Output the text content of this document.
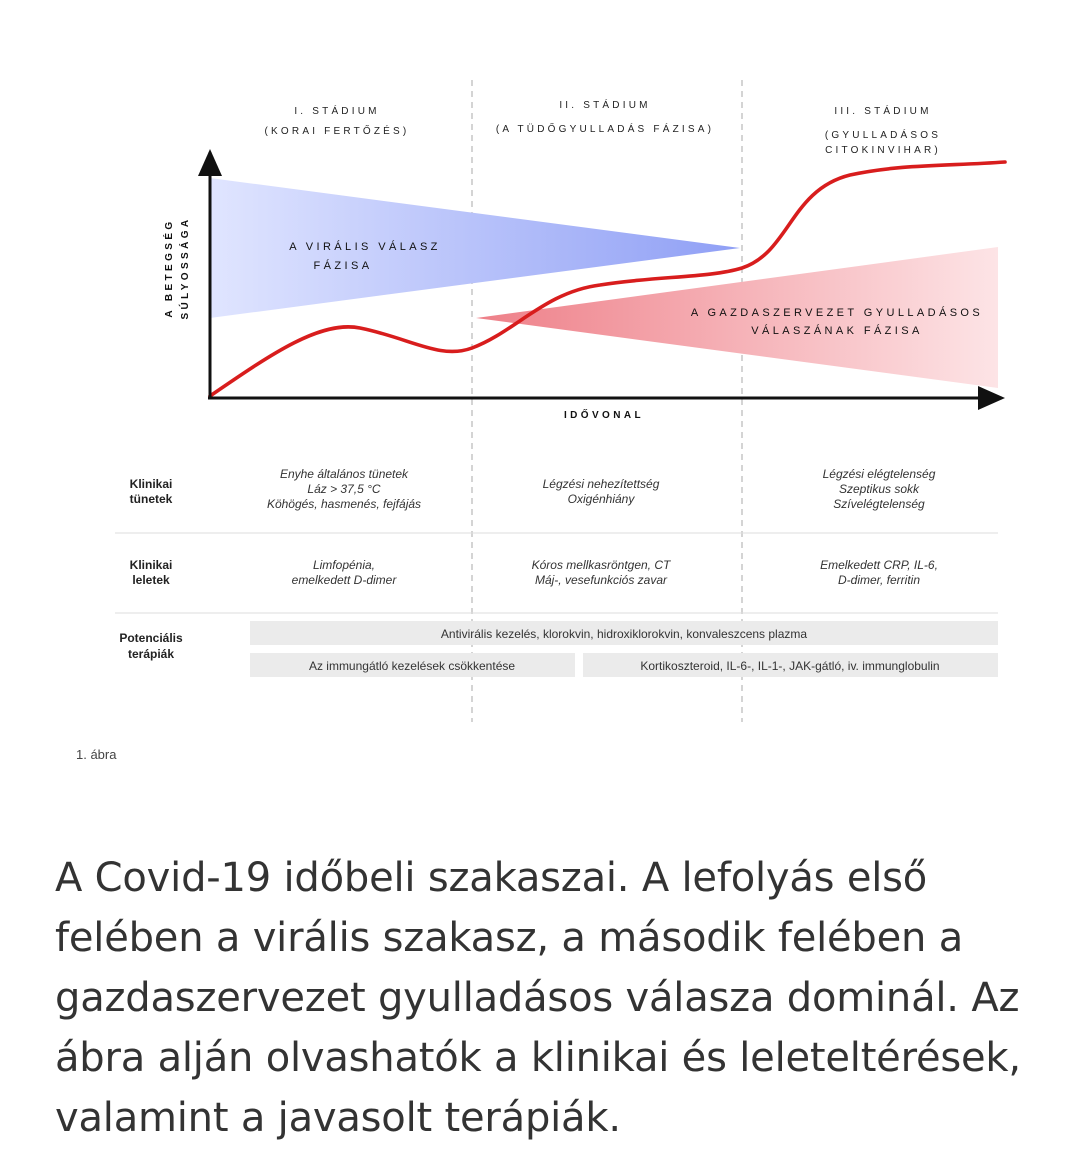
I. STÁDIUM
(KORAI FERTŐZÉS)
II. STÁDIUM
(A TÜDŐGYULLADÁS FÁZISA)
III. STÁDIUM
(GYULLADÁSOS
CITOKINVIHAR)
A BETEGSÉG SÚLYOSSÁGA
IDŐVONAL
A VIRÁLIS VÁLASZ
FÁZISA
A GAZDASZERVEZET GYULLADÁSOS
VÁLASZÁNAK FÁZISA
Klinikai
tünetek
Enyhe általános tünetek
Láz > 37,5 °C
Köhögés, hasmenés, fejfájás
Légzési nehezítettség
Oxigénhiány
Légzési elégtelenség
Szeptikus sokk
Szívelégtelenség
Klinikai
leletek
Limfopénia,
emelkedett D-dimer
Kóros mellkasröntgen, CT
Máj-, vesefunkciós zavar
Emelkedett CRP, IL-6,
D-dimer, ferritin
Potenciális
terápiák
Antivirális kezelés, klorokvin, hidroxiklorokvin, konvaleszcens plazma
Az immungátló kezelések csökkentése	Kortikoszteroid, IL-6-, IL-1-, JAK-gátló, iv. immunglobulin
1. ábra
A Covid-19 időbeli szakaszai. A lefolyás első felében a virális szakasz, a második felében a gazdaszervezet gyulladásos válasza dominál. Az ábra alján olvashatók a klinikai és leleteltérések, valamint a javasolt terápiák.
